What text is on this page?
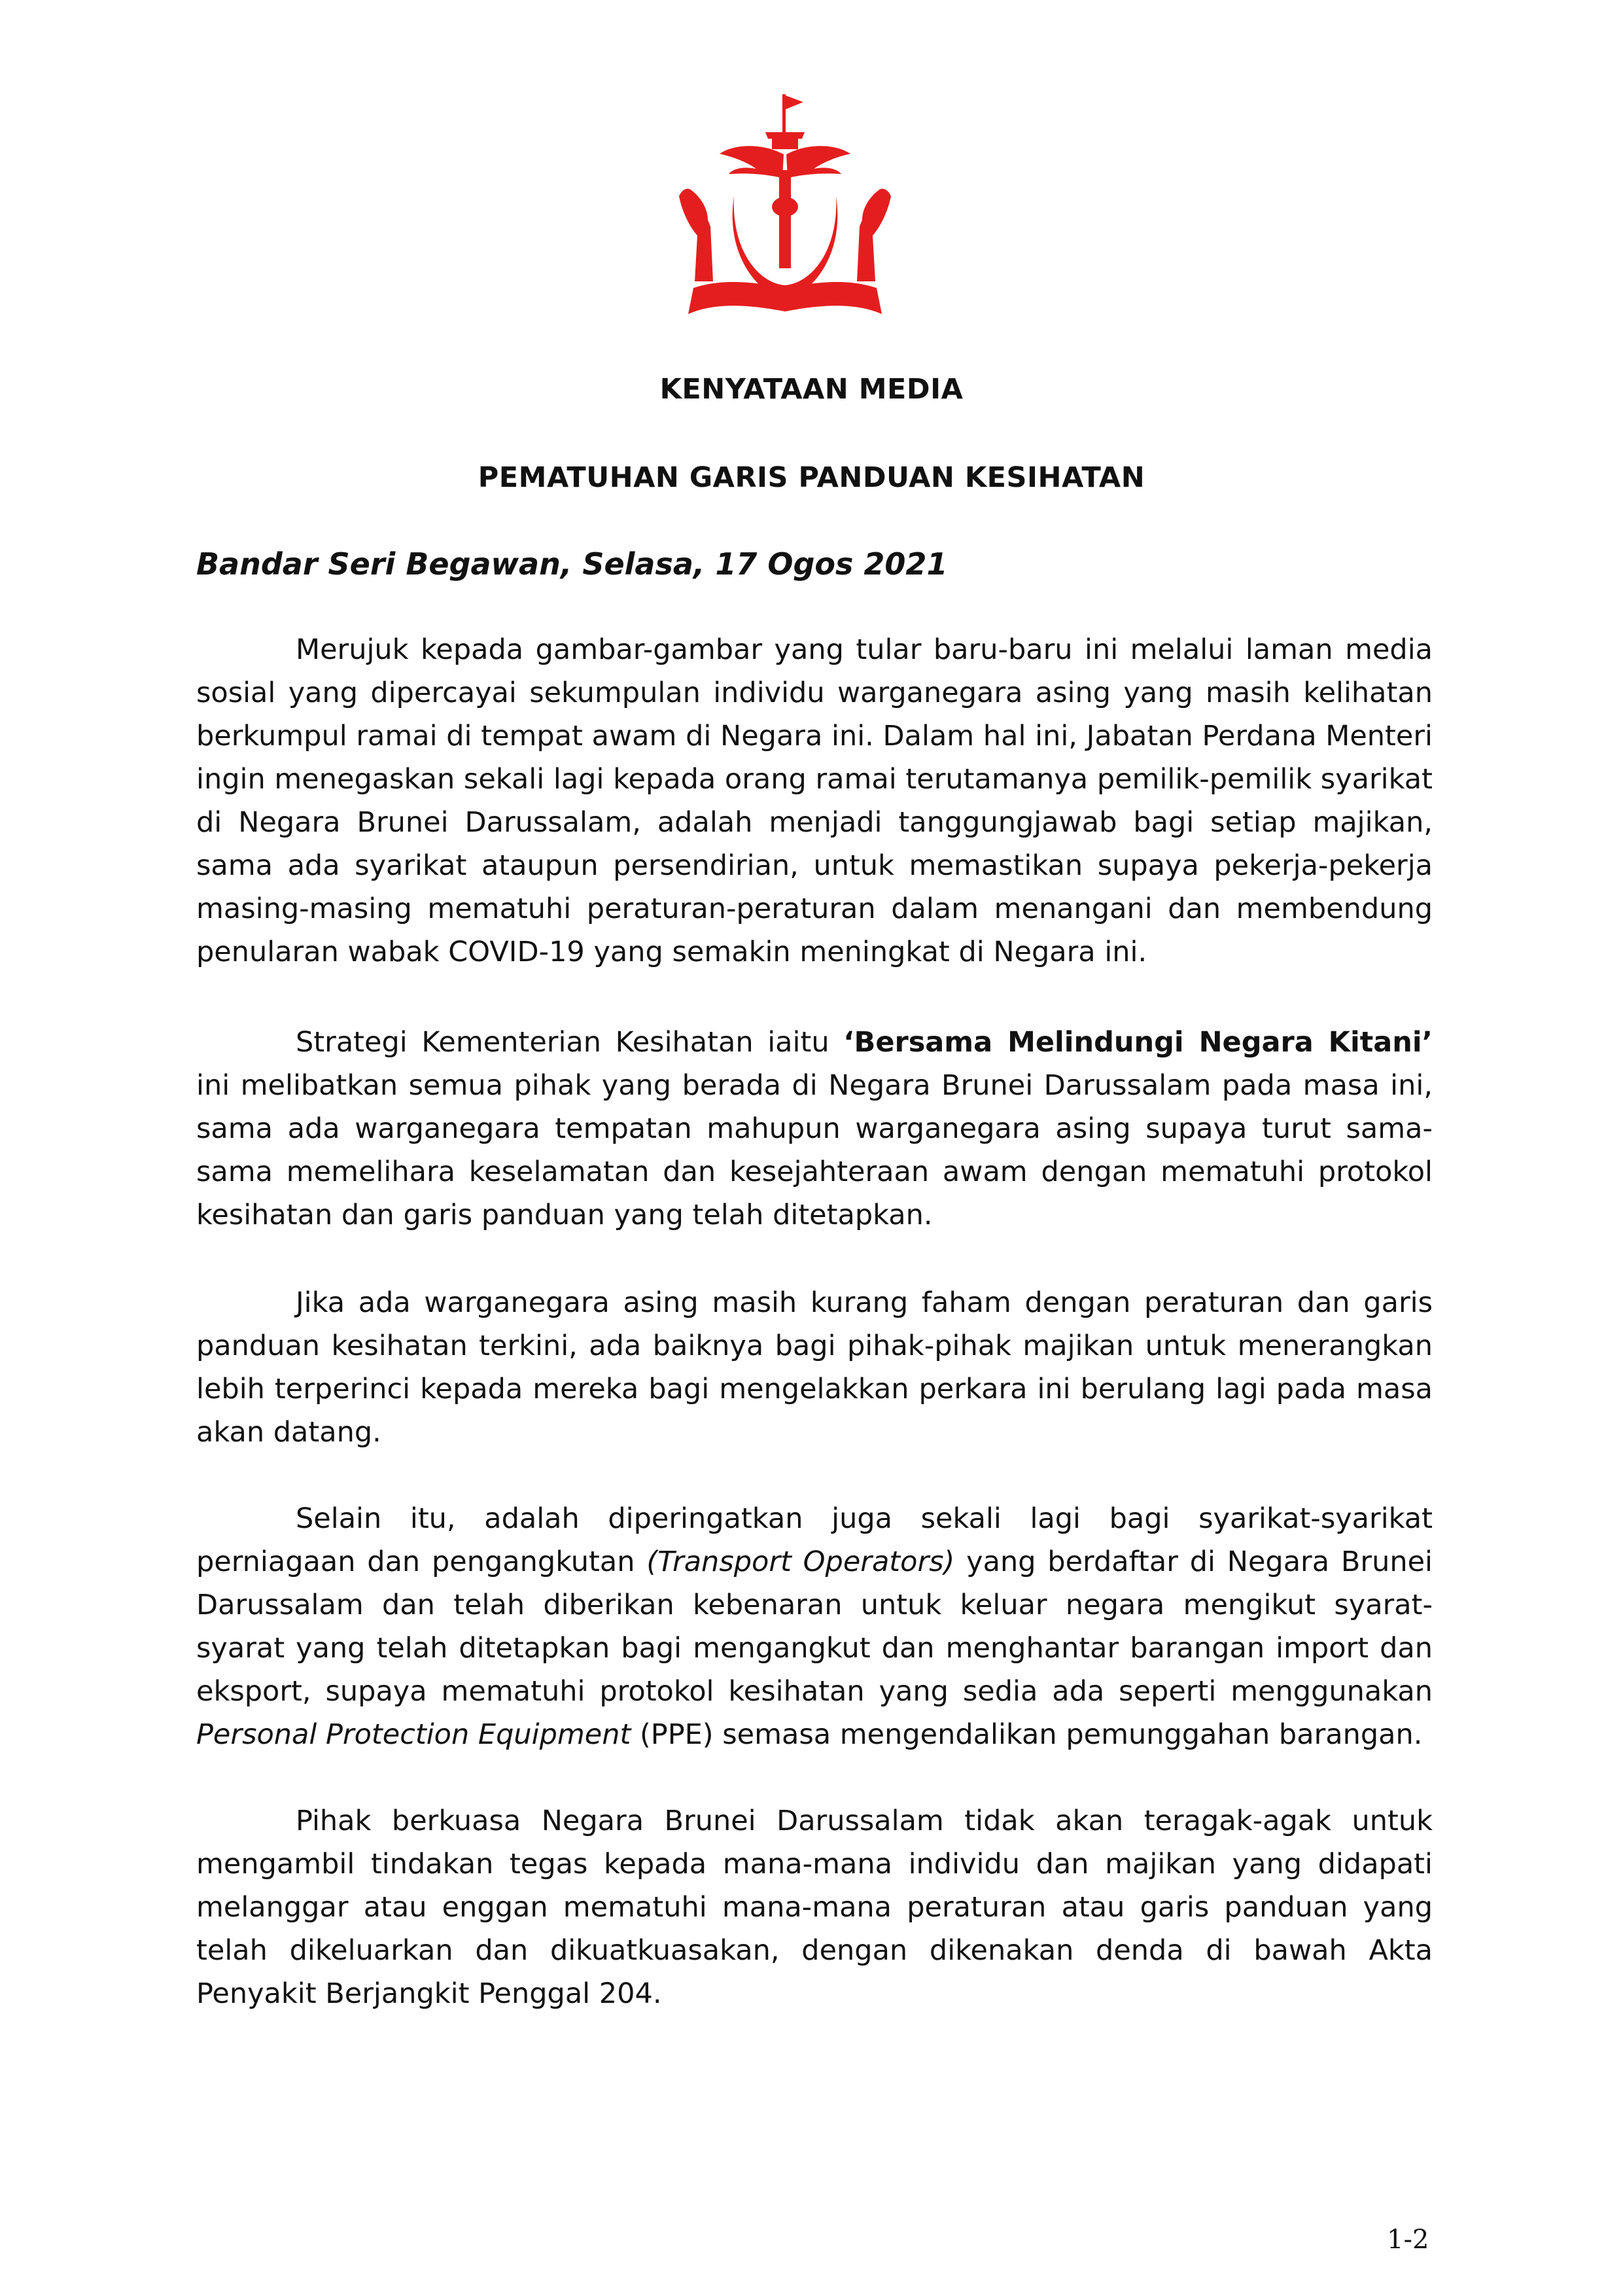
KENYATAAN MEDIA
PEMATUHAN GARIS PANDUAN KESIHATAN
Bandar Seri Begawan, Selasa, 17 Ogos 2021

Merujuk kepada gambar-gambar yang tular baru-baru ini melalui laman media sosial yang dipercayai sekumpulan individu warganegara asing yang masih kelihatan berkumpul ramai di tempat awam di Negara ini. Dalam hal ini, Jabatan Perdana Menteri ingin menegaskan sekali lagi kepada orang ramai terutamanya pemilik-pemilik syarikat di Negara Brunei Darussalam, adalah menjadi tanggungjawab bagi setiap majikan, sama ada syarikat ataupun persendirian, untuk memastikan supaya pekerja-pekerja masing-masing mematuhi peraturan-peraturan dalam menangani dan membendung penularan wabak COVID-19 yang semakin meningkat di Negara ini.

Strategi Kementerian Kesihatan iaitu ‘Bersama Melindungi Negara Kitani’ ini melibatkan semua pihak yang berada di Negara Brunei Darussalam pada masa ini, sama ada warganegara tempatan mahupun warganegara asing supaya turut sama-sama memelihara keselamatan dan kesejahteraan awam dengan mematuhi protokol kesihatan dan garis panduan yang telah ditetapkan.

Jika ada warganegara asing masih kurang faham dengan peraturan dan garis panduan kesihatan terkini, ada baiknya bagi pihak-pihak majikan untuk menerangkan lebih terperinci kepada mereka bagi mengelakkan perkara ini berulang lagi pada masa akan datang.

Selain itu, adalah diperingatkan juga sekali lagi bagi syarikat-syarikat perniagaan dan pengangkutan (Transport Operators) yang berdaftar di Negara Brunei Darussalam dan telah diberikan kebenaran untuk keluar negara mengikut syarat-syarat yang telah ditetapkan bagi mengangkut dan menghantar barangan import dan eksport, supaya mematuhi protokol kesihatan yang sedia ada seperti menggunakan Personal Protection Equipment (PPE) semasa mengendalikan pemunggahan barangan.

Pihak berkuasa Negara Brunei Darussalam tidak akan teragak-agak untuk mengambil tindakan tegas kepada mana-mana individu dan majikan yang didapati melanggar atau enggan mematuhi mana-mana peraturan atau garis panduan yang telah dikeluarkan dan dikuatkuasakan, dengan dikenakan denda di bawah Akta Penyakit Berjangkit Penggal 204.

1-2
